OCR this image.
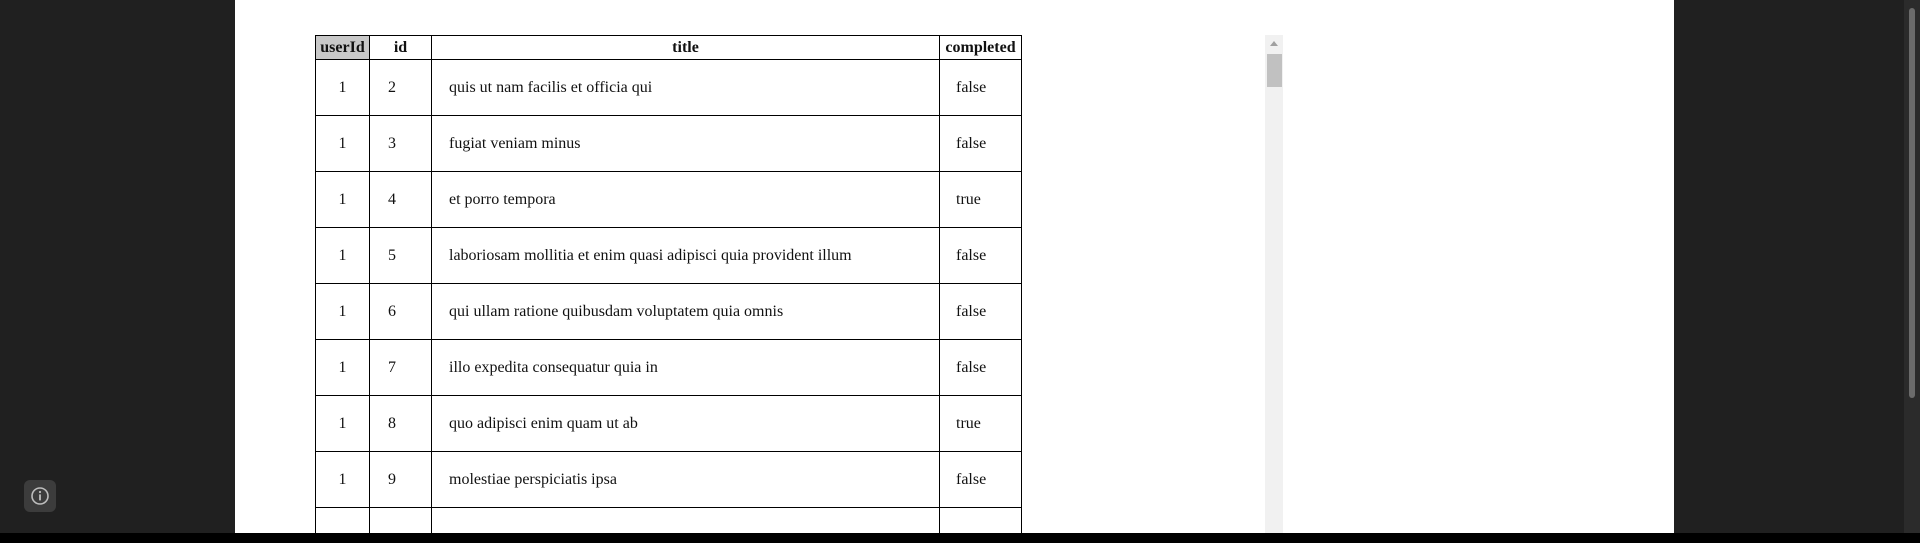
userId	id	title	completed
1	2	quis ut nam facilis et officia qui	false
1	3	fugiat veniam minus	false
1	4	et porro tempora	true
1	5	laboriosam mollitia et enim quasi adipisci quia provident illum	false
1	6	qui ullam ratione quibusdam voluptatem quia omnis	false
1	7	illo expedita consequatur quia in	false
1	8	quo adipisci enim quam ut ab	true
1	9	molestiae perspiciatis ipsa	false
